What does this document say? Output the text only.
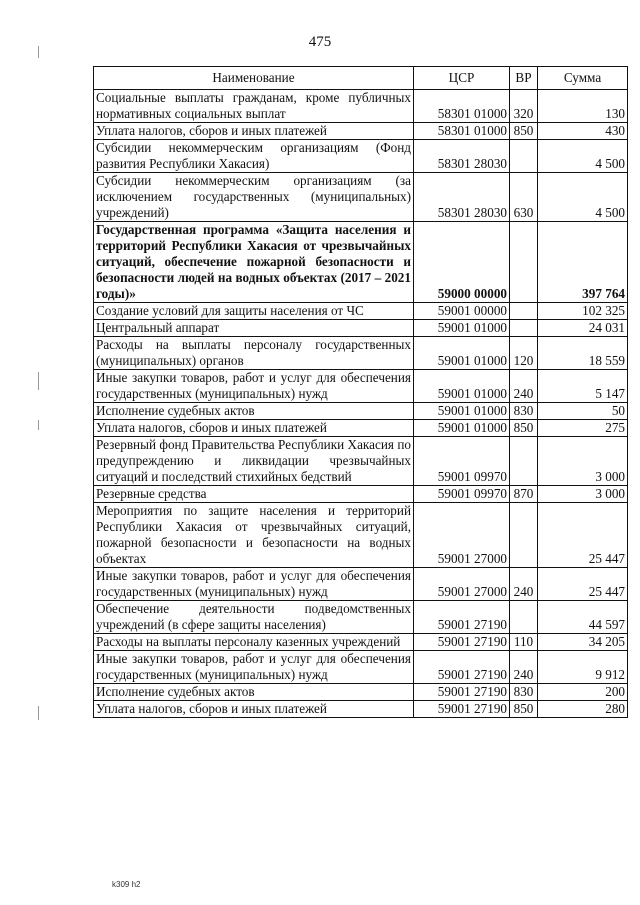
475
Наименование	ЦСР	ВР	Сумма
Социальные выплаты гражданам, кроме публичных нормативных социальных выплат	58301 01000	320	130
Уплата налогов, сборов и иных платежей	58301 01000	850	430
Субсидии некоммерческим организациям (Фонд развития Республики Хакасия)	58301 28030		4 500
Субсидии некоммерческим организациям (за исключением государственных (муниципальных) учреждений)	58301 28030	630	4 500
Государственная программа «Защита населения и территорий Республики Хакасия от чрезвычайных ситуаций, обеспечение пожарной безопасности и безопасности людей на водных объектах (2017 – 2021 годы)»	59000 00000		397 764
Создание условий для защиты населения от ЧС	59001 00000		102 325
Центральный аппарат	59001 01000		24 031
Расходы на выплаты персоналу государственных (муниципальных) органов	59001 01000	120	18 559
Иные закупки товаров, работ и услуг для обеспечения государственных (муниципальных) нужд	59001 01000	240	5 147
Исполнение судебных актов	59001 01000	830	50
Уплата налогов, сборов и иных платежей	59001 01000	850	275
Резервный фонд Правительства Республики Хакасия по предупреждению и ликвидации чрезвычайных ситуаций и последствий стихийных бедствий	59001 09970		3 000
Резервные средства	59001 09970	870	3 000
Мероприятия по защите населения и территорий Республики Хакасия от чрезвычайных ситуаций, пожарной безопасности и безопасности на водных объектах	59001 27000		25 447
Иные закупки товаров, работ и услуг для обеспечения государственных (муниципальных) нужд	59001 27000	240	25 447
Обеспечение деятельности подведомственных учреждений (в сфере защиты населения)	59001 27190		44 597
Расходы на выплаты персоналу казенных учреждений	59001 27190	110	34 205
Иные закупки товаров, работ и услуг для обеспечения государственных (муниципальных) нужд	59001 27190	240	9 912
Исполнение судебных актов	59001 27190	830	200
Уплата налогов, сборов и иных платежей	59001 27190	850	280
k309 h2
